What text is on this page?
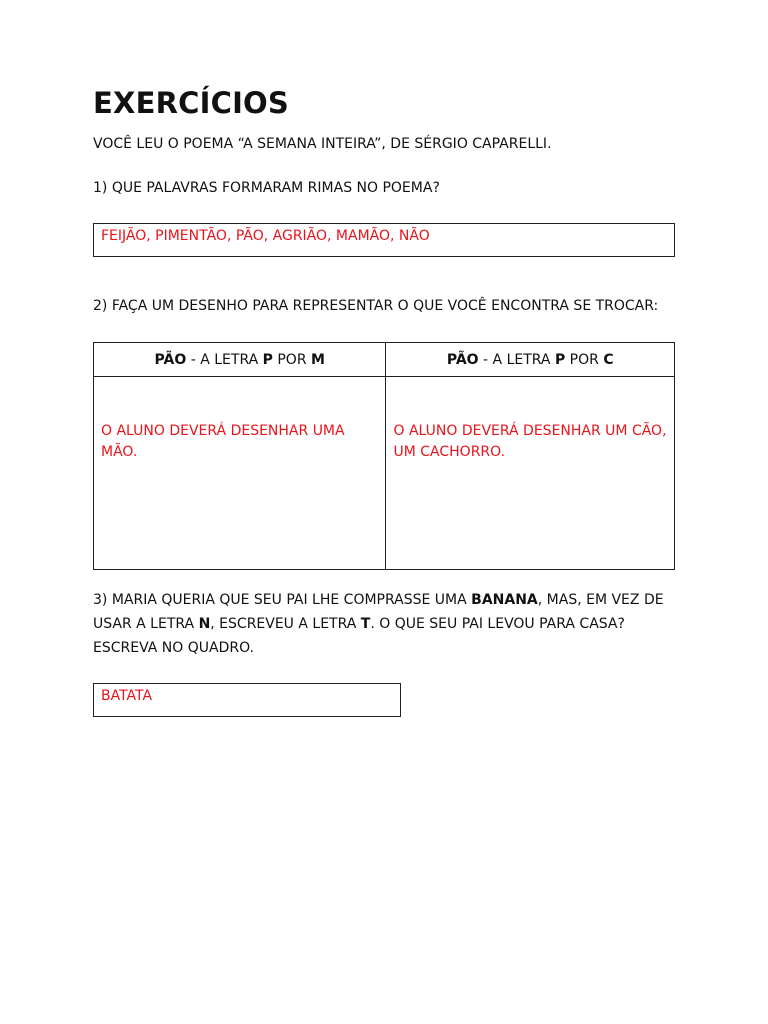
EXERCÍCIOS

VOCÊ LEU O POEMA “A SEMANA INTEIRA”, DE SÉRGIO CAPARELLI.

1) QUE PALAVRAS FORMARAM RIMAS NO POEMA?

FEIJÃO, PIMENTÃO, PÃO, AGRIÃO, MAMÃO, NÃO

2) FAÇA UM DESENHO PARA REPRESENTAR O QUE VOCÊ ENCONTRA SE TROCAR:

PÃO - A LETRA P POR M	PÃO - A LETRA P POR C

O ALUNO DEVERÁ DESENHAR UMA MÃO.	O ALUNO DEVERÁ DESENHAR UM CÃO, UM CACHORRO.

3) MARIA QUERIA QUE SEU PAI LHE COMPRASSE UMA BANANA, MAS, EM VEZ DE USAR A LETRA N, ESCREVEU A LETRA T. O QUE SEU PAI LEVOU PARA CASA? ESCREVA NO QUADRO.

BATATA
